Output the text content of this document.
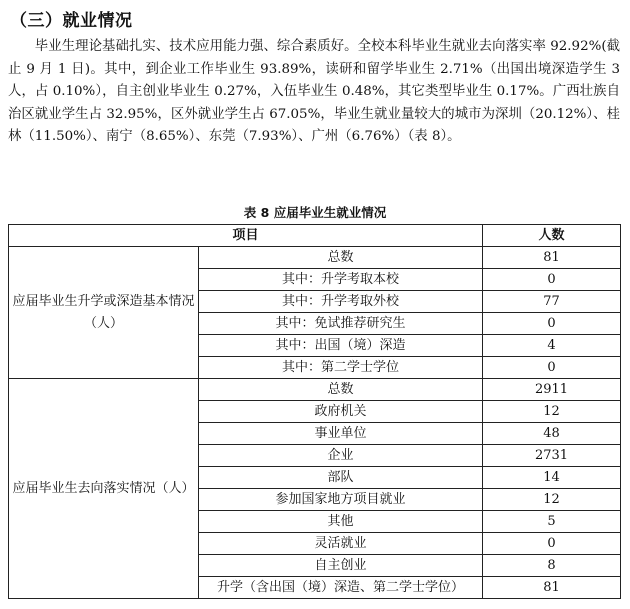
（三）就业情况

毕业生理论基础扎实、技术应用能力强、综合素质好。全校本科毕业生就业去向落实率 92.92%(截止 9 月 1 日)。其中，到企业工作毕业生 93.89%，读研和留学毕业生 2.71%（出国出境深造学生 3 人，占 0.10%），自主创业毕业生 0.27%，入伍毕业生 0.48%，其它类型毕业生 0.17%。广西壮族自治区就业学生占 32.95%，区外就业学生占 67.05%，毕业生就业量较大的城市为深圳（20.12%）、桂林（11.50%）、南宁（8.65%）、东莞（7.93%）、广州（6.76%）（表 8）。

表 8 应届毕业生就业情况
项目		人数
应届毕业生升学或深造基本情况（人）	总数	81
	其中：升学考取本校	0
	其中：升学考取外校	77
	其中：免试推荐研究生	0
	其中：出国（境）深造	4
	其中：第二学士学位	0
应届毕业生去向落实情况（人）	总数	2911
	政府机关	12
	事业单位	48
	企业	2731
	部队	14
	参加国家地方项目就业	12
	其他	5
	灵活就业	0
	自主创业	8
	升学（含出国（境）深造、第二学士学位）	81
